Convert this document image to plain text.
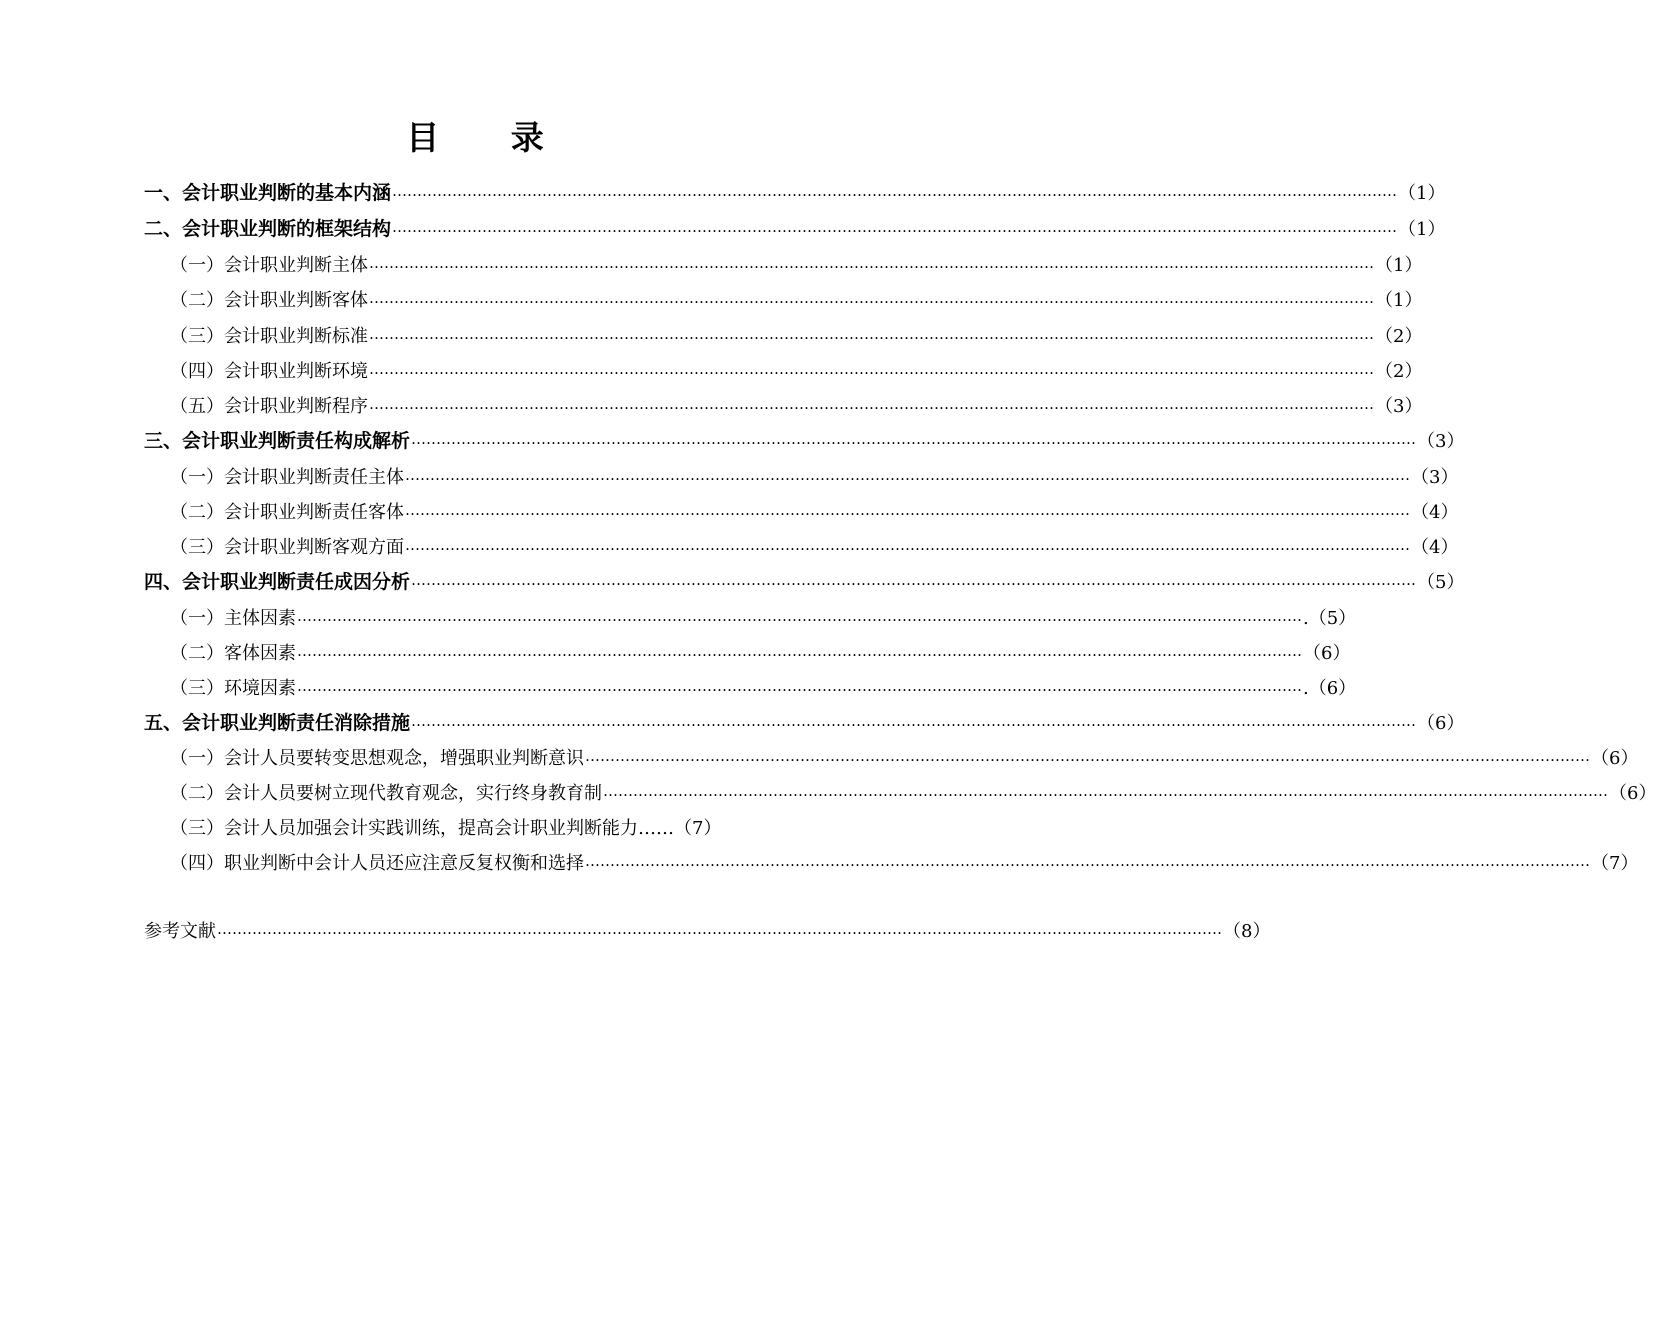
目 录
一、会计职业判断的基本内涵 ………………………………………………………………………………………………………………………………………………………………………………… （1）
二、会计职业判断的框架结构 ………………………………………………………………………………………………………………………………………………………………………………… （1）
（一）会计职业判断主体 ………………………………………………………………………………………………………………………………………………………………………………… （1）
（二）会计职业判断客体 ………………………………………………………………………………………………………………………………………………………………………………… （1）
（三）会计职业判断标准 ………………………………………………………………………………………………………………………………………………………………………………… （2）
（四）会计职业判断环境 ………………………………………………………………………………………………………………………………………………………………………………… （2）
（五）会计职业判断程序 ………………………………………………………………………………………………………………………………………………………………………………… （3）
三、会计职业判断责任构成解析 ………………………………………………………………………………………………………………………………………………………………………………… （3）
（一）会计职业判断责任主体 ………………………………………………………………………………………………………………………………………………………………………………… （3）
（二）会计职业判断责任客体 ………………………………………………………………………………………………………………………………………………………………………………… （4）
（三）会计职业判断客观方面 ………………………………………………………………………………………………………………………………………………………………………………… （4）
四、会计职业判断责任成因分析 ………………………………………………………………………………………………………………………………………………………………………………… （5）
（一）主体因素 ………………………………………………………………………………………………………………………………………………………………………………… .（5）
（二）客体因素 ………………………………………………………………………………………………………………………………………………………………………………… （6）
（三）环境因素 ………………………………………………………………………………………………………………………………………………………………………………… .（6）
五、会计职业判断责任消除措施 ………………………………………………………………………………………………………………………………………………………………………………… （6）
（一）会计人员要转变思想观念，增强职业判断意识 ………………………………………………………………………………………………………………………………………………………………………………… （6）
（二）会计人员要树立现代教育观念，实行终身教育制 ………………………………………………………………………………………………………………………………………………………………………………… （6）
（三）会计人员加强会计实践训练，提高会计职业判断能力 ……（7）
（四）职业判断中会计人员还应注意反复权衡和选择 ………………………………………………………………………………………………………………………………………………………………………………… （7）
参考文献 ………………………………………………………………………………………………………………………………………………………………………………… （8）
